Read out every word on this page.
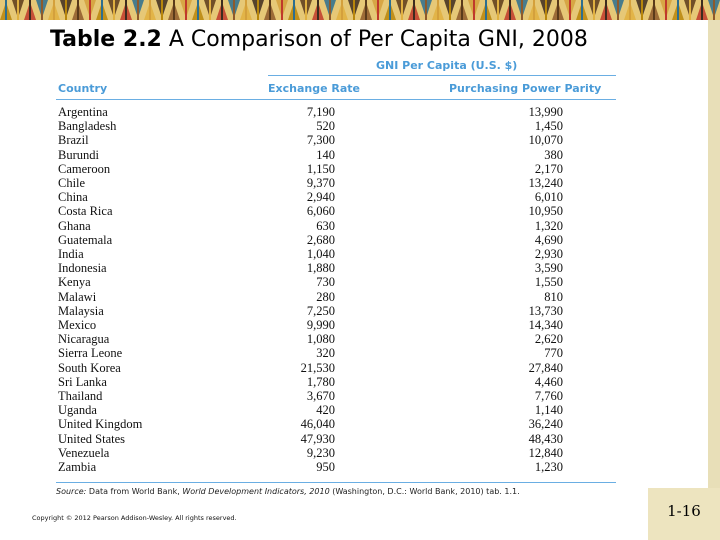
Table 2.2 A Comparison of Per Capita GNI, 2008
GNI Per Capita (U.S. $)
Country	Exchange Rate	Purchasing Power Parity
Argentina	7,190	13,990
Bangladesh	520	1,450
Brazil	7,300	10,070
Burundi	140	380
Cameroon	1,150	2,170
Chile	9,370	13,240
China	2,940	6,010
Costa Rica	6,060	10,950
Ghana	630	1,320
Guatemala	2,680	4,690
India	1,040	2,930
Indonesia	1,880	3,590
Kenya	730	1,550
Malawi	280	810
Malaysia	7,250	13,730
Mexico	9,990	14,340
Nicaragua	1,080	2,620
Sierra Leone	320	770
South Korea	21,530	27,840
Sri Lanka	1,780	4,460
Thailand	3,670	7,760
Uganda	420	1,140
United Kingdom	46,040	36,240
United States	47,930	48,430
Venezuela	9,230	12,840
Zambia	950	1,230
Source: Data from World Bank, World Development Indicators, 2010 (Washington, D.C.: World Bank, 2010) tab. 1.1.
Copyright © 2012 Pearson Addison-Wesley. All rights reserved.	1-16
